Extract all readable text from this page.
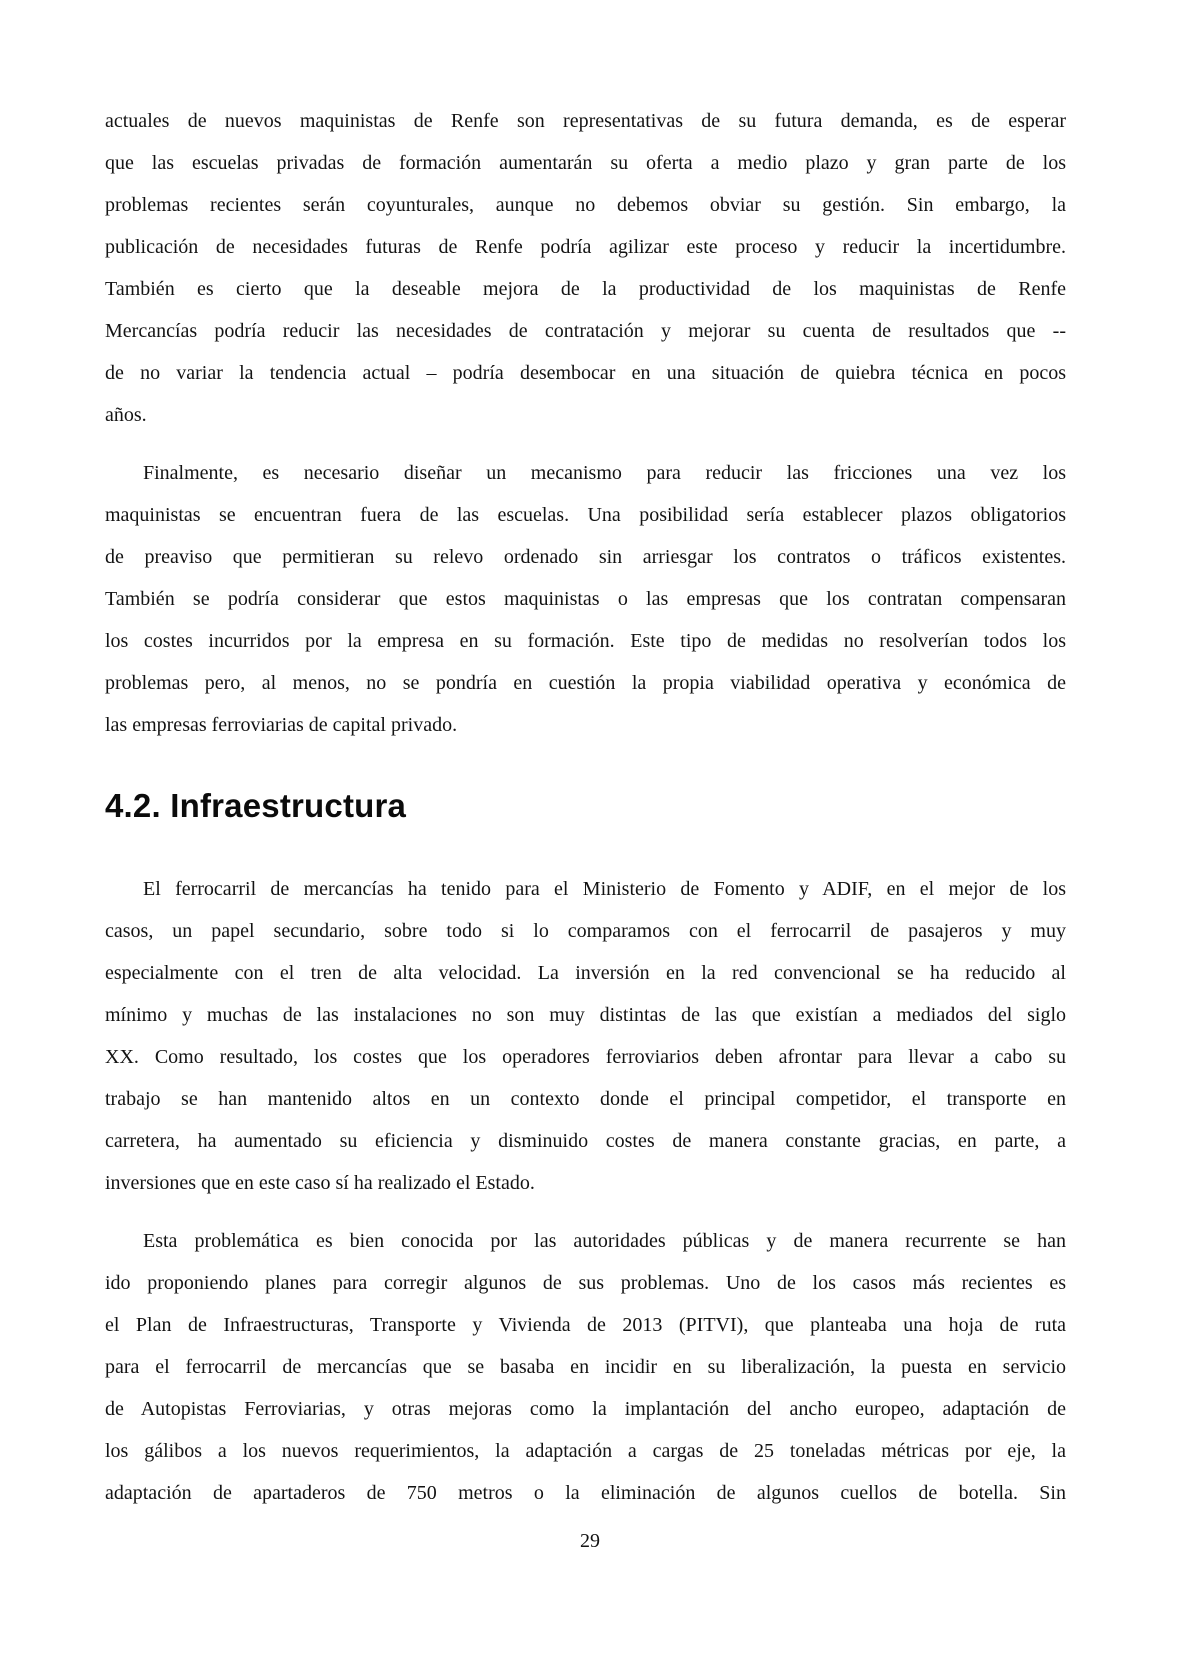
actuales de nuevos maquinistas de Renfe son representativas de su futura demanda, es de esperar
que las escuelas privadas de formación aumentarán su oferta a medio plazo y gran parte de los
problemas recientes serán coyunturales, aunque no debemos obviar su gestión. Sin embargo, la
publicación de necesidades futuras de Renfe podría agilizar este proceso y reducir la incertidumbre.
También es cierto que la deseable mejora de la productividad de los maquinistas de Renfe
Mercancías podría reducir las necesidades de contratación y mejorar su cuenta de resultados que --
de no variar la tendencia actual – podría desembocar en una situación de quiebra técnica en pocos
años.
Finalmente, es necesario diseñar un mecanismo para reducir las fricciones una vez los
maquinistas se encuentran fuera de las escuelas. Una posibilidad sería establecer plazos obligatorios
de preaviso que permitieran su relevo ordenado sin arriesgar los contratos o tráficos existentes.
También se podría considerar que estos maquinistas o las empresas que los contratan compensaran
los costes incurridos por la empresa en su formación. Este tipo de medidas no resolverían todos los
problemas pero, al menos, no se pondría en cuestión la propia viabilidad operativa y económica de
las empresas ferroviarias de capital privado.
4.2. Infraestructura
El ferrocarril de mercancías ha tenido para el Ministerio de Fomento y ADIF, en el mejor de los
casos, un papel secundario, sobre todo si lo comparamos con el ferrocarril de pasajeros y muy
especialmente con el tren de alta velocidad. La inversión en la red convencional se ha reducido al
mínimo y muchas de las instalaciones no son muy distintas de las que existían a mediados del siglo
XX. Como resultado, los costes que los operadores ferroviarios deben afrontar para llevar a cabo su
trabajo se han mantenido altos en un contexto donde el principal competidor, el transporte en
carretera, ha aumentado su eficiencia y disminuido costes de manera constante gracias, en parte, a
inversiones que en este caso sí ha realizado el Estado.
Esta problemática es bien conocida por las autoridades públicas y de manera recurrente se han
ido proponiendo planes para corregir algunos de sus problemas. Uno de los casos más recientes es
el Plan de Infraestructuras, Transporte y Vivienda de 2013 (PITVI), que planteaba una hoja de ruta
para el ferrocarril de mercancías que se basaba en incidir en su liberalización, la puesta en servicio
de Autopistas Ferroviarias, y otras mejoras como la implantación del ancho europeo, adaptación de
los gálibos a los nuevos requerimientos, la adaptación a cargas de 25 toneladas métricas por eje, la
adaptación de apartaderos de 750 metros o la eliminación de algunos cuellos de botella. Sin
29
